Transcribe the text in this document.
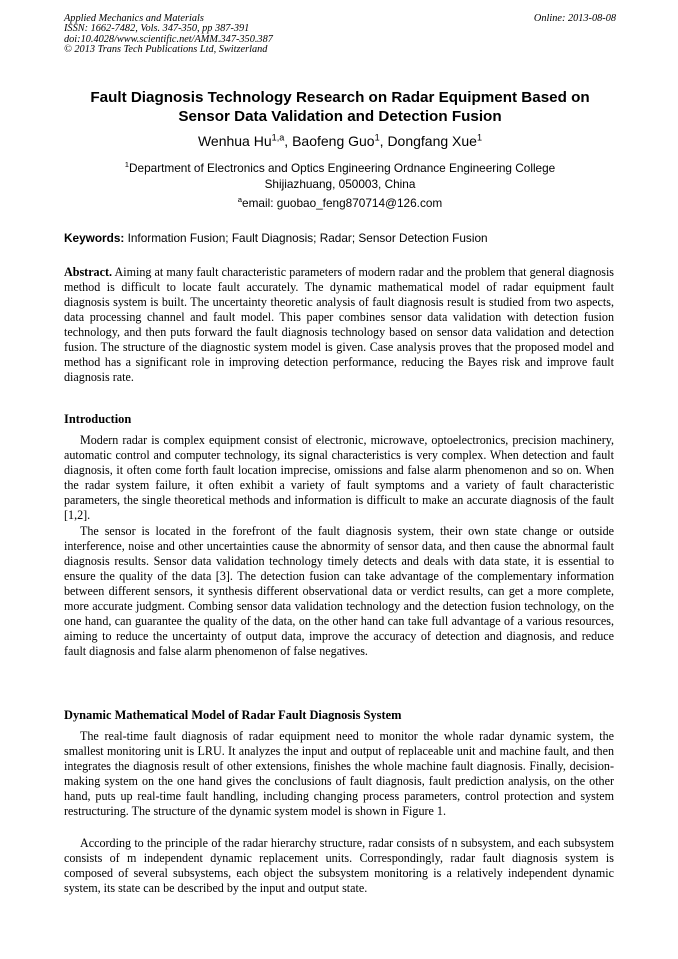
Applied Mechanics and Materials
ISSN: 1662-7482, Vols. 347-350, pp 387-391
doi:10.4028/www.scientific.net/AMM.347-350.387
© 2013 Trans Tech Publications Ltd, Switzerland
Online: 2013-08-08
Fault Diagnosis Technology Research on Radar Equipment Based on Sensor Data Validation and Detection Fusion
Wenhua Hu$^{1,a}$, Baofeng Guo$^1$, Dongfang Xue$^1$
$^1$Department of Electronics and Optics Engineering Ordnance Engineering College
Shijiazhuang, 050003, China
$^a$email: guobao_feng870714@126.com
Keywords: Information Fusion; Fault Diagnosis; Radar; Sensor Detection Fusion

Abstract. Aiming at many fault characteristic parameters of modern radar and the problem that general diagnosis method is difficult to locate fault accurately. The dynamic mathematical model of radar equipment fault diagnosis system is built. The uncertainty theoretic analysis of fault diagnosis result is studied from two aspects, data processing channel and fault model. This paper combines sensor data validation with detection fusion technology, and then puts forward the fault diagnosis technology based on sensor data validation and detection fusion. The structure of the diagnostic system model is given. Case analysis proves that the proposed model and method has a significant role in improving detection performance, reducing the Bayes risk and improve fault diagnosis rate.

Introduction

Modern radar is complex equipment consist of electronic, microwave, optoelectronics, precision machinery, automatic control and computer technology, its signal characteristics is very complex. When detection and fault diagnosis, it often come forth fault location imprecise, omissions and false alarm phenomenon and so on. When the radar system failure, it often exhibit a variety of fault symptoms and a variety of fault characteristic parameters, the single theoretical methods and information is difficult to make an accurate diagnosis of the fault [1,2].

The sensor is located in the forefront of the fault diagnosis system, their own state change or outside interference, noise and other uncertainties cause the abnormity of sensor data, and then cause the abnormal fault diagnosis results. Sensor data validation technology timely detects and deals with data state, it is essential to ensure the quality of the data [3]. The detection fusion can take advantage of the complementary information between different sensors, it synthesis different observational data or verdict results, can get a more complete, more accurate judgment. Combing sensor data validation technology and the detection fusion technology, on the one hand, can guarantee the quality of the data, on the other hand can take full advantage of a various resources, aiming to reduce the uncertainty of output data, improve the accuracy of detection and diagnosis, and reduce fault diagnosis and false alarm phenomenon of false negatives.

Dynamic Mathematical Model of Radar Fault Diagnosis System

The real-time fault diagnosis of radar equipment need to monitor the whole radar dynamic system, the smallest monitoring unit is LRU. It analyzes the input and output of replaceable unit and machine fault, and then integrates the diagnosis result of other extensions, finishes the whole machine fault diagnosis. Finally, decision-making system on the one hand gives the conclusions of fault diagnosis, fault prediction analysis, on the other hand, puts up real-time fault handling, including changing process parameters, control protection and system restructuring. The structure of the dynamic system model is shown in Figure 1.

According to the principle of the radar hierarchy structure, radar consists of n subsystem, and each subsystem consists of m independent dynamic replacement units. Correspondingly, radar fault diagnosis system is composed of several subsystems, each object the subsystem monitoring is a relatively independent dynamic system, its state can be described by the input and output state.
